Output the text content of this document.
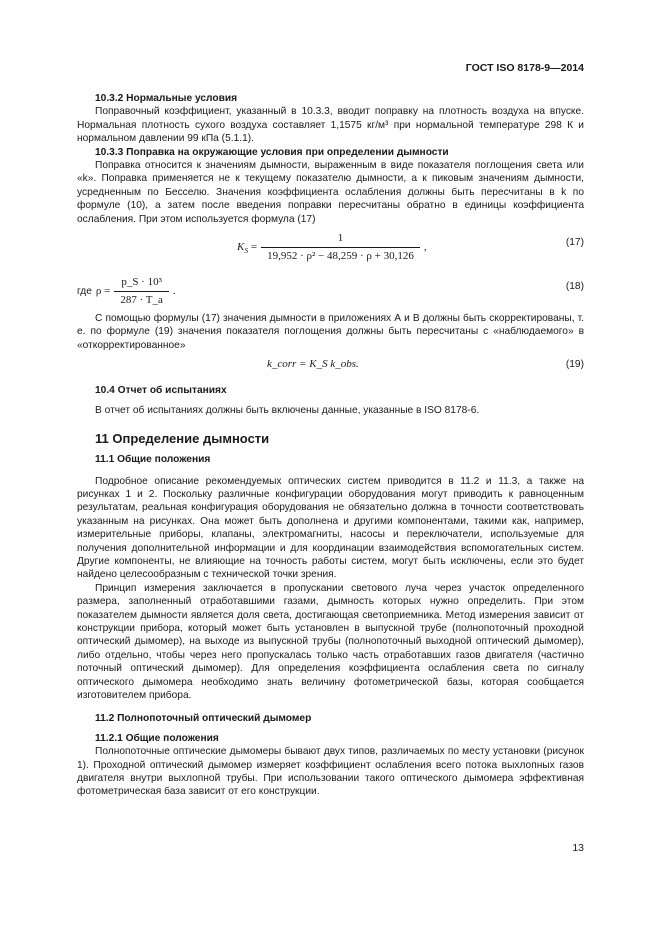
ГОСТ ISO 8178-9—2014

10.3.2 Нормальные условия

Поправочный коэффициент, указанный в 10.3.3, вводит поправку на плотность воздуха на впуске. Нормальная плотность сухого воздуха составляет 1,1575 кг/м³ при нормальной температуре 298 К и нормальном давлении 99 кПа (5.1.1).

10.3.3 Поправка на окружающие условия при определении дымности

Поправка относится к значениям дымности, выраженным в виде показателя поглощения света или «k». Поправка применяется не к текущему показателю дымности, а к пиковым значениям дымности, усредненным по Бесселю. Значения коэффициента ослабления должны быть пересчитаны в k по формуле (10), а затем после введения поправки пересчитаны обратно в единицы коэффициента ослабления. При этом используется формула (17)

$K_S = \frac{1}{\text{19,952 · ρ² − 48,259 · ρ + 30,126}}$ ,	(17)
где $\rho = \frac{\text{p\_S · 10³}}{287 \cdot T\_a}$ .	(18)

С помощью формулы (17) значения дымности в приложениях А и В должны быть скорректированы, т. е. по формуле (19) значения показателя поглощения должны быть пересчитаны с «наблюдаемого» в «откорректированное»

k_corr = K_S k_obs.	(19)

10.4 Отчет об испытаниях

В отчет об испытаниях должны быть включены данные, указанные в ISO 8178-6.

11 Определение дымности

11.1 Общие положения

Подробное описание рекомендуемых оптических систем приводится в 11.2 и 11.3, а также на рисунках 1 и 2. Поскольку различные конфигурации оборудования могут приводить к равноценным результатам, реальная конфигурация оборудования не обязательно должна в точности соответствовать указанным на рисунках. Она может быть дополнена и другими компонентами, такими как, например, измерительные приборы, клапаны, электромагниты, насосы и переключатели, используемые для получения дополнительной информации и для координации взаимодействия вспомогательных систем. Другие компоненты, не влияющие на точность работы систем, могут быть исключены, если это будет найдено целесообразным с технической точки зрения.

Принцип измерения заключается в пропускании светового луча через участок определенного размера, заполненный отработавшими газами, дымность которых нужно определить. При этом показателем дымности является доля света, достигающая светоприемника. Метод измерения зависит от конструкции прибора, который может быть установлен в выпускной трубе (полнопоточный проходной оптический дымомер), на выходе из выпускной трубы (полнопоточный выходной оптический дымомер), либо отдельно, чтобы через него пропускалась только часть отработавших газов двигателя (частично поточный оптический дымомер). Для определения коэффициента ослабления света по сигналу оптического дымомера необходимо знать величину фотометрической базы, которая сообщается изготовителем прибора.

11.2 Полнопоточный оптический дымомер

11.2.1 Общие положения

Полнопоточные оптические дымомеры бывают двух типов, различаемых по месту установки (рисунок 1). Проходной оптический дымомер измеряет коэффициент ослабления всего потока выхлопных газов двигателя внутри выхлопной трубы. При использовании такого оптического дымомера эффективная фотометрическая база зависит от его конструкции.

13
